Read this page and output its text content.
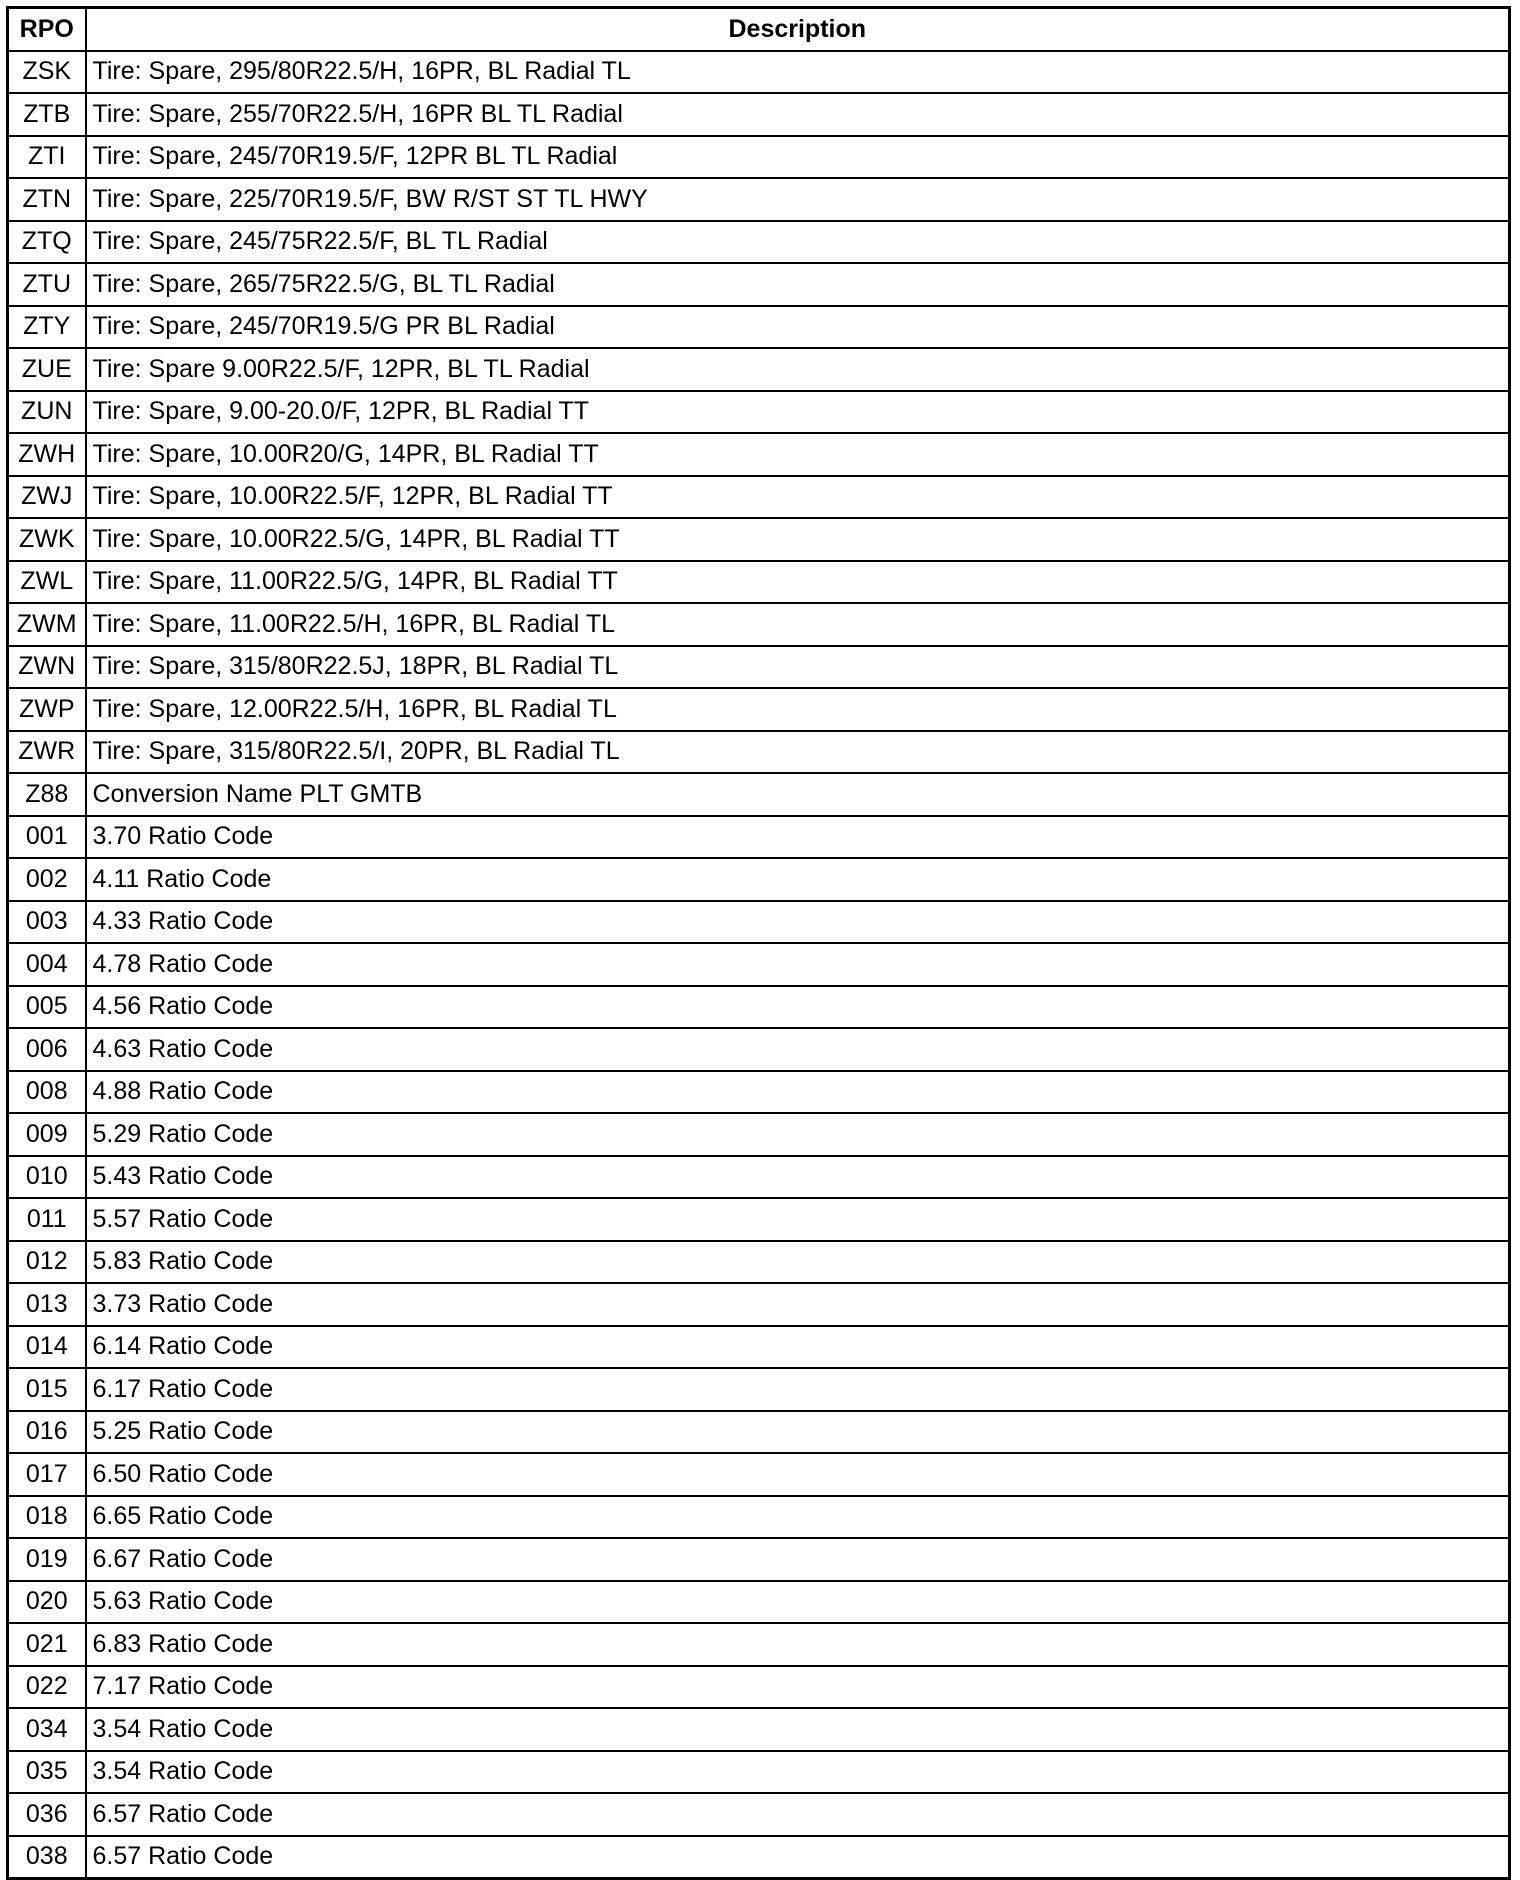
RPO	Description
ZSK	Tire: Spare, 295/80R22.5/H, 16PR, BL Radial TL
ZTB	Tire: Spare, 255/70R22.5/H, 16PR BL TL Radial
ZTI	Tire: Spare, 245/70R19.5/F, 12PR BL TL Radial
ZTN	Tire: Spare, 225/70R19.5/F, BW R/ST ST TL HWY
ZTQ	Tire: Spare, 245/75R22.5/F, BL TL Radial
ZTU	Tire: Spare, 265/75R22.5/G, BL TL Radial
ZTY	Tire: Spare, 245/70R19.5/G PR BL Radial
ZUE	Tire: Spare 9.00R22.5/F, 12PR, BL TL Radial
ZUN	Tire: Spare, 9.00-20.0/F, 12PR, BL Radial TT
ZWH	Tire: Spare, 10.00R20/G, 14PR, BL Radial TT
ZWJ	Tire: Spare, 10.00R22.5/F, 12PR, BL Radial TT
ZWK	Tire: Spare, 10.00R22.5/G, 14PR, BL Radial TT
ZWL	Tire: Spare, 11.00R22.5/G, 14PR, BL Radial TT
ZWM	Tire: Spare, 11.00R22.5/H, 16PR, BL Radial TL
ZWN	Tire: Spare, 315/80R22.5J, 18PR, BL Radial TL
ZWP	Tire: Spare, 12.00R22.5/H, 16PR, BL Radial TL
ZWR	Tire: Spare, 315/80R22.5/I, 20PR, BL Radial TL
Z88	Conversion Name PLT GMTB
001	3.70 Ratio Code
002	4.11 Ratio Code
003	4.33 Ratio Code
004	4.78 Ratio Code
005	4.56 Ratio Code
006	4.63 Ratio Code
008	4.88 Ratio Code
009	5.29 Ratio Code
010	5.43 Ratio Code
011	5.57 Ratio Code
012	5.83 Ratio Code
013	3.73 Ratio Code
014	6.14 Ratio Code
015	6.17 Ratio Code
016	5.25 Ratio Code
017	6.50 Ratio Code
018	6.65 Ratio Code
019	6.67 Ratio Code
020	5.63 Ratio Code
021	6.83 Ratio Code
022	7.17 Ratio Code
034	3.54 Ratio Code
035	3.54 Ratio Code
036	6.57 Ratio Code
038	6.57 Ratio Code
